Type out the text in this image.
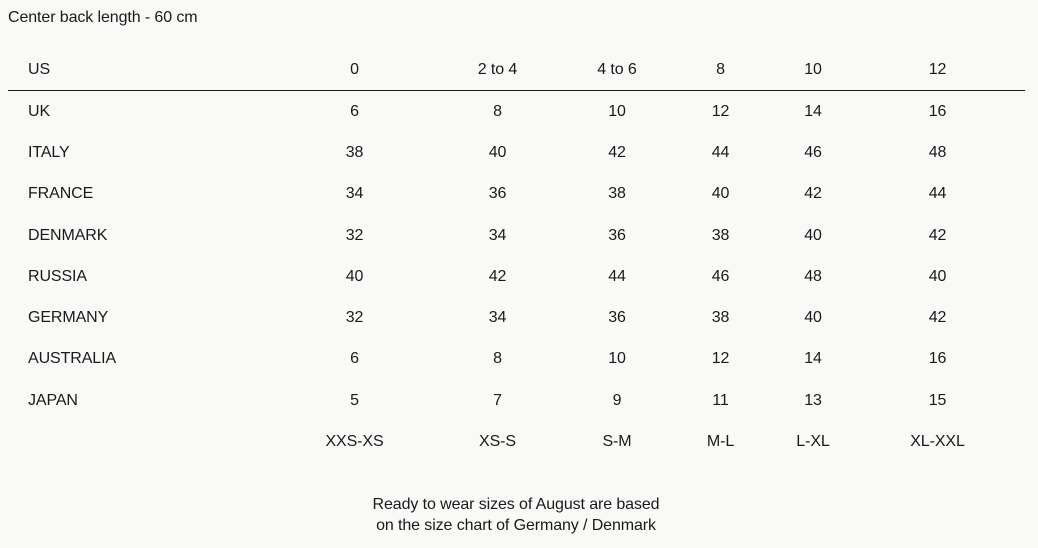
Center back length - 60 cm
US	0	2 to 4	4 to 6	8	10	12
UK	6	8	10	12	14	16
ITALY	38	40	42	44	46	48
FRANCE	34	36	38	40	42	44
DENMARK	32	34	36	38	40	42
RUSSIA	40	42	44	46	48	40
GERMANY	32	34	36	38	40	42
AUSTRALIA	6	8	10	12	14	16
JAPAN	5	7	9	11	13	15
	XXS-XS	XS-S	S-M	M-L	L-XL	XL-XXL
Ready to wear sizes of August are based
on the size chart of Germany / Denmark
